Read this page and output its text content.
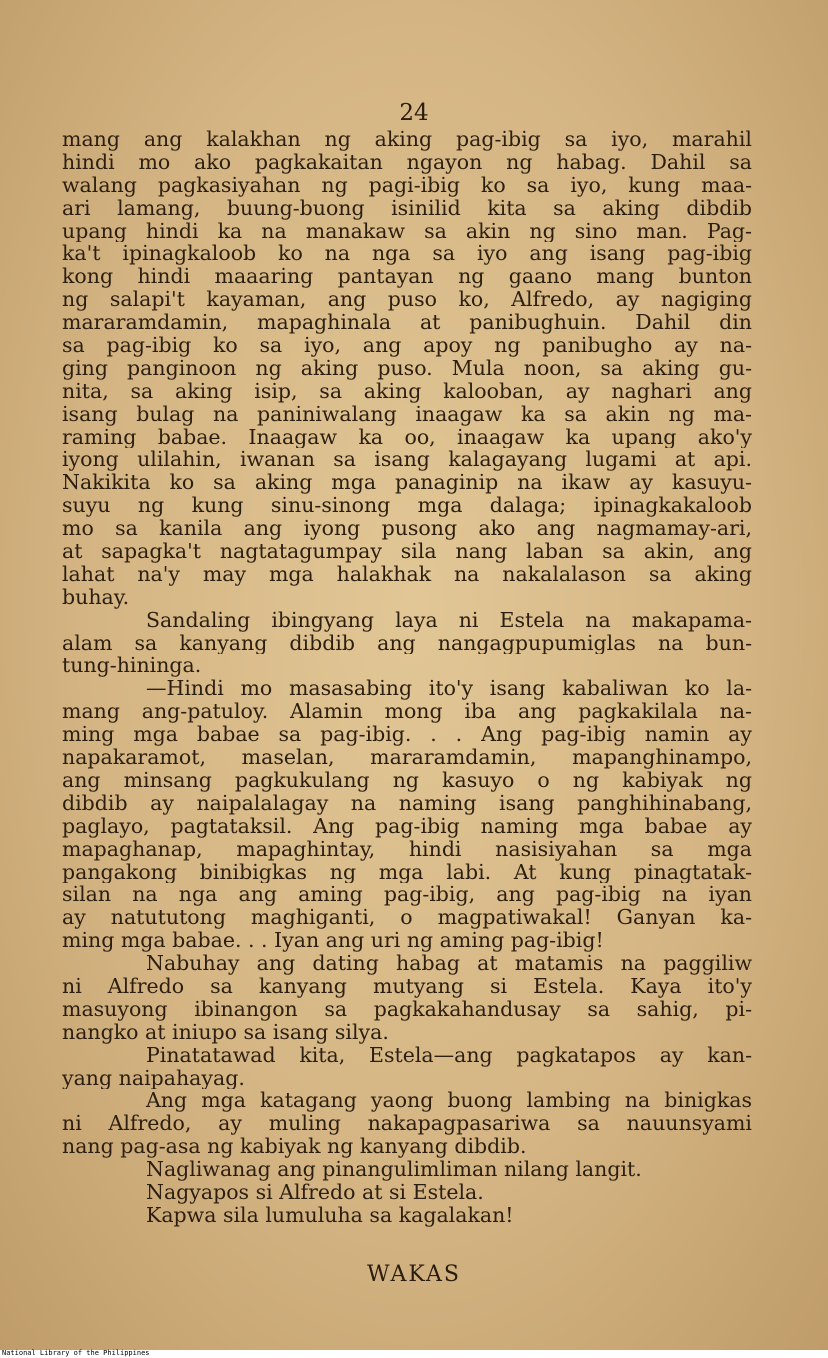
24
mang ang kalakhan ng aking pag-ibig sa iyo, marahil
hindi mo ako pagkakaitan ngayon ng habag. Dahil sa
walang pagkasiyahan ng pagi-ibig ko sa iyo, kung maa-
ari lamang, buung-buong isinilid kita sa aking dibdib
upang hindi ka na manakaw sa akin ng sino man. Pag-
ka't ipinagkaloob ko na nga sa iyo ang isang pag-ibig
kong hindi maaaring pantayan ng gaano mang bunton
ng salapi't kayaman, ang puso ko, Alfredo, ay nagiging
mararamdamin, mapaghinala at panibughuin. Dahil din
sa pag-ibig ko sa iyo, ang apoy ng panibugho ay na-
ging panginoon ng aking puso. Mula noon, sa aking gu-
nita, sa aking isip, sa aking kalooban, ay naghari ang
isang bulag na paniniwalang inaagaw ka sa akin ng ma-
raming babae. Inaagaw ka oo, inaagaw ka upang ako'y
iyong ulilahin, iwanan sa isang kalagayang lugami at api.
Nakikita ko sa aking mga panaginip na ikaw ay kasuyu-
suyu ng kung sinu-sinong mga dalaga; ipinagkakaloob
mo sa kanila ang iyong pusong ako ang nagmamay-ari,
at sapagka't nagtatagumpay sila nang laban sa akin, ang
lahat na'y may mga halakhak na nakalalason sa aking
buhay.
Sandaling ibingyang laya ni Estela na makapama-
alam sa kanyang dibdib ang nangagpupumiglas na bun-
tung-hininga.
—Hindi mo masasabing ito'y isang kabaliwan ko la-
mang ang-patuloy. Alamin mong iba ang pagkakilala na-
ming mga babae sa pag-ibig. . . Ang pag-ibig namin ay
napakaramot, maselan, mararamdamin, mapanghinampo,
ang minsang pagkukulang ng kasuyo o ng kabiyak ng
dibdib ay naipalalagay na naming isang panghihinabang,
paglayo, pagtataksil. Ang pag-ibig naming mga babae ay
mapaghanap, mapaghintay, hindi nasisiyahan sa mga
pangakong binibigkas ng mga labi. At kung pinagtatak-
silan na nga ang aming pag-ibig, ang pag-ibig na iyan
ay natututong maghiganti, o magpatiwakal! Ganyan ka-
ming mga babae. . . Iyan ang uri ng aming pag-ibig!
Nabuhay ang dating habag at matamis na paggiliw
ni Alfredo sa kanyang mutyang si Estela. Kaya ito'y
masuyong ibinangon sa pagkakahandusay sa sahig, pi-
nangko at iniupo sa isang silya.
Pinatatawad kita, Estela—ang pagkatapos ay kan-
yang naipahayag.
Ang mga katagang yaong buong lambing na binigkas
ni Alfredo, ay muling nakapagpasariwa sa nauunsyami
nang pag-asa ng kabiyak ng kanyang dibdib.
Nagliwanag ang pinangulimliman nilang langit.
Nagyapos si Alfredo at si Estela.
Kapwa sila lumuluha sa kagalakan!
WAKAS
National Library of the Philippines
